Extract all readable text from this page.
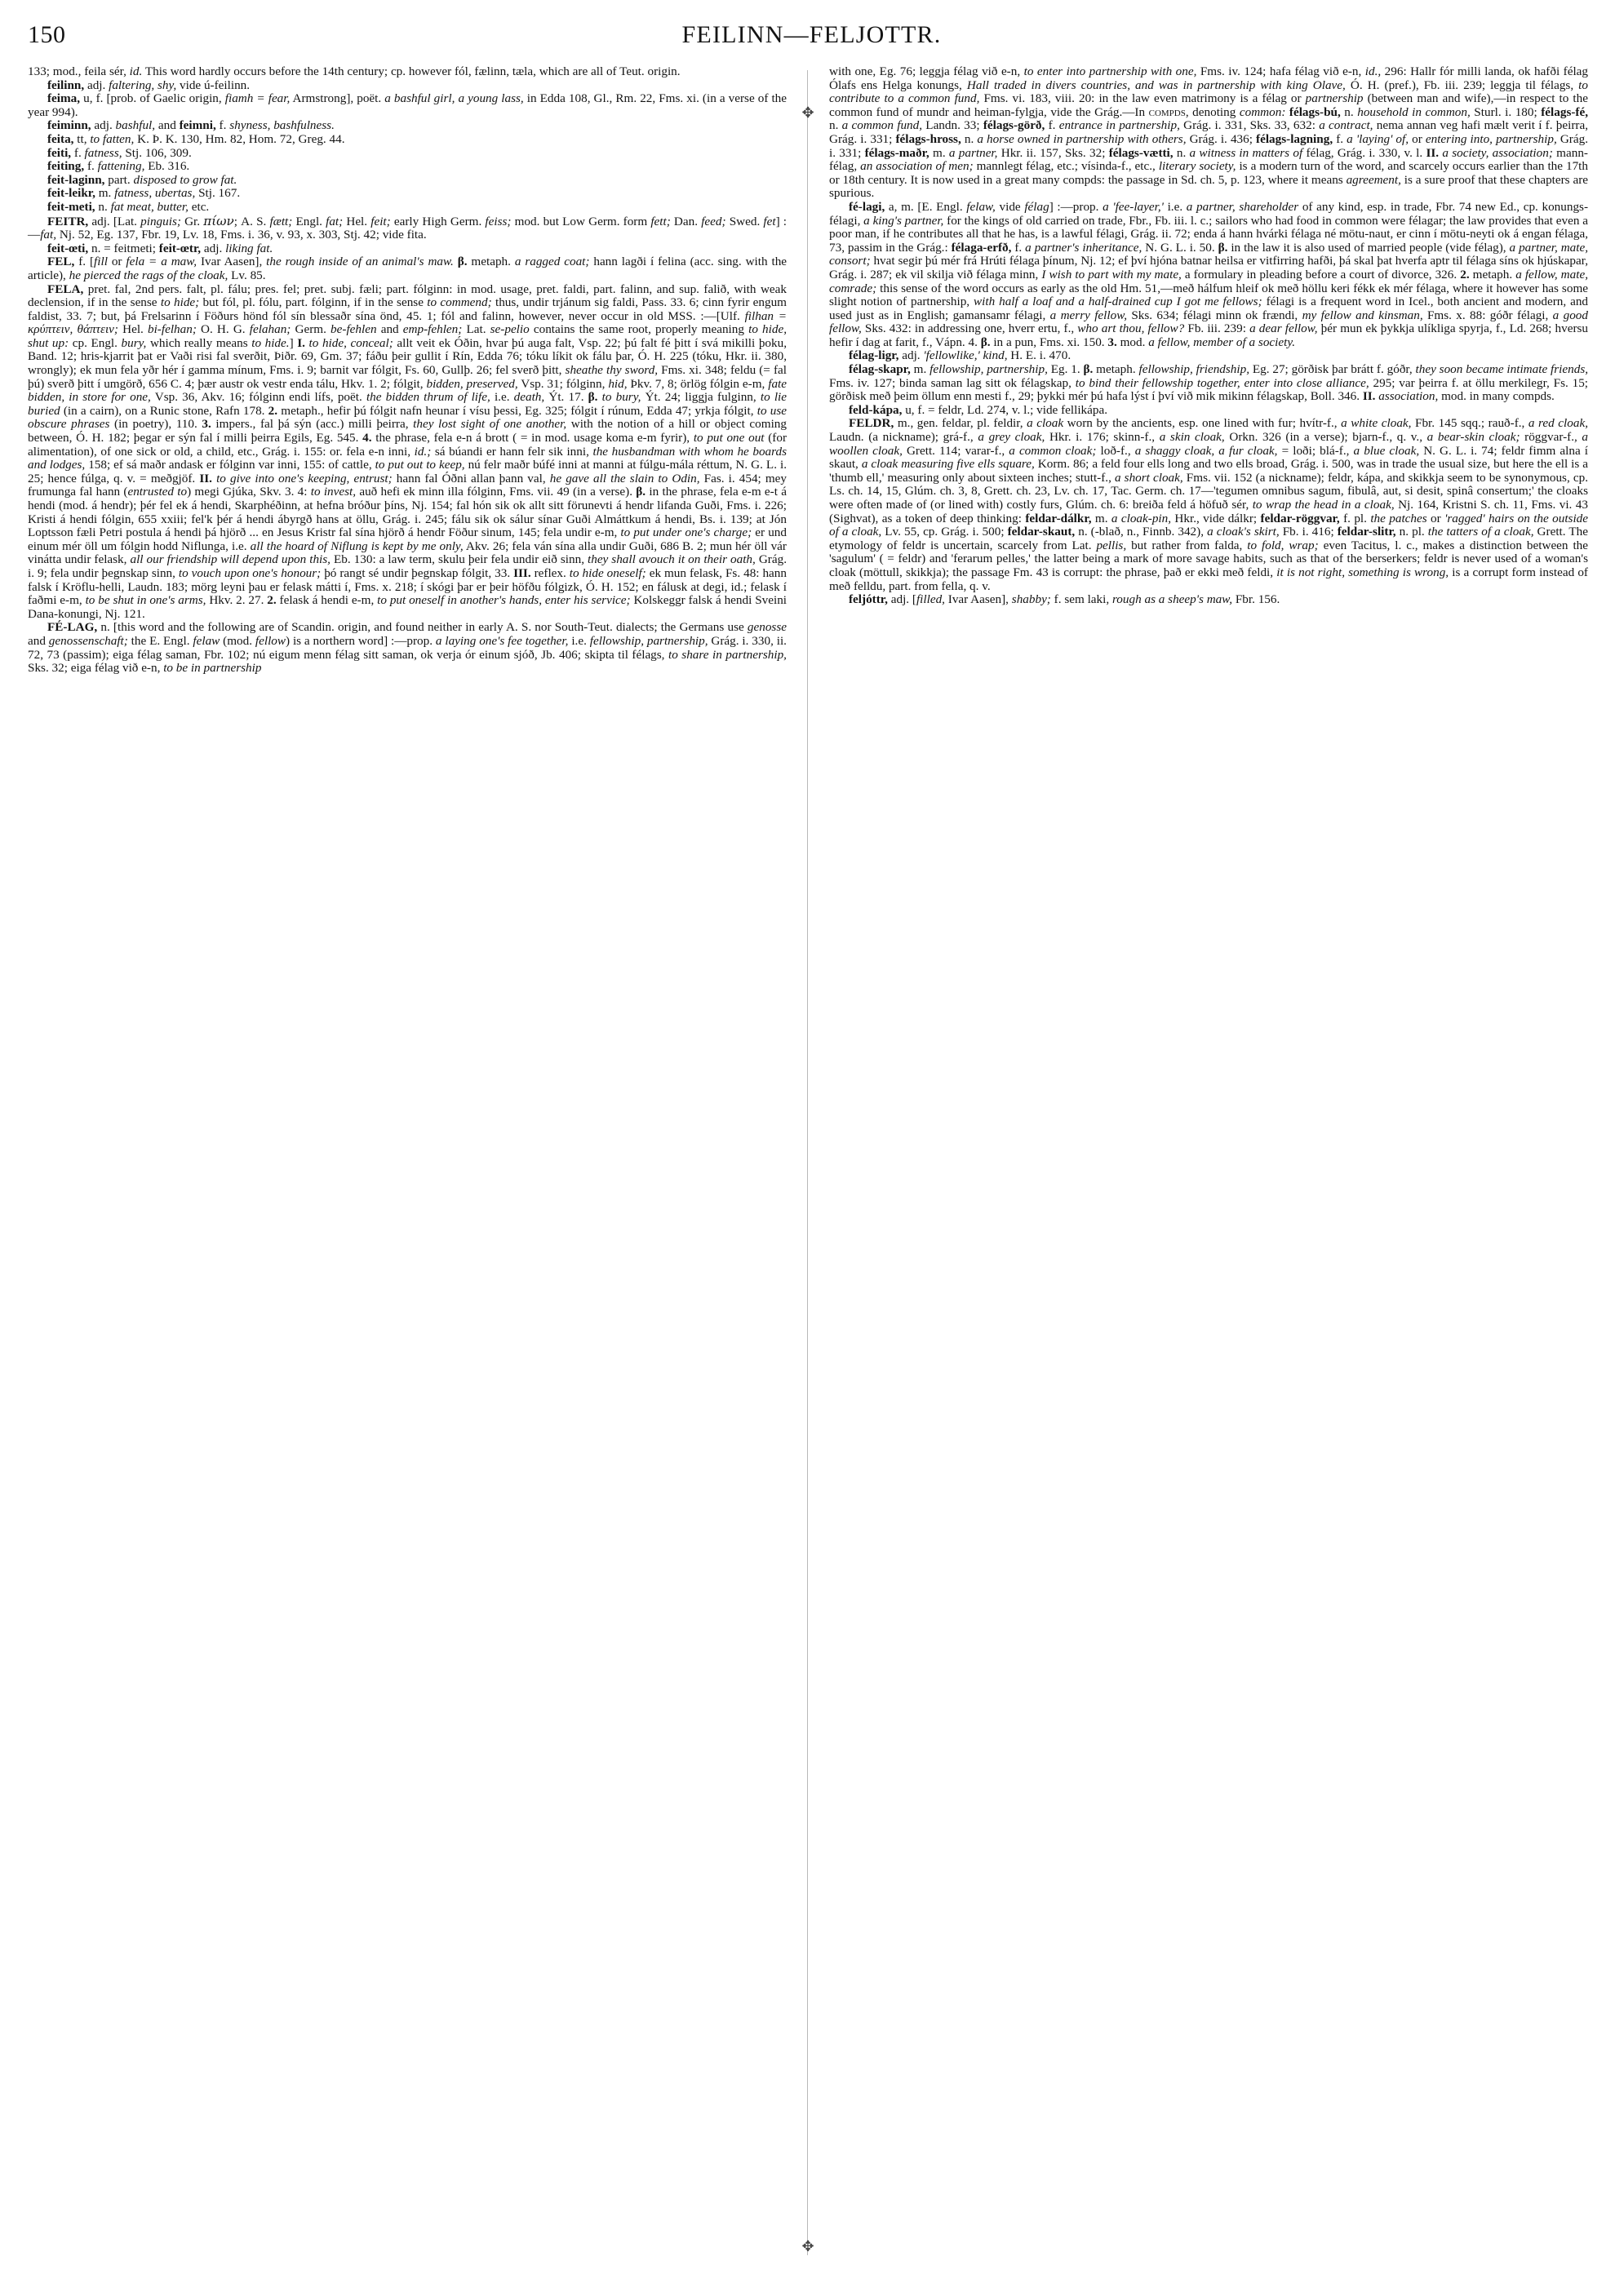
150	FEILINN—FELJOTTR.

133; mod., feila sér, id. This word hardly occurs before the 14th century; cp. however fól, fælinn, tæla, which are all of Teut. origin.

feilinn, adj. faltering, shy, vide ú-feilinn.

feima, u, f. [prob. of Gaelic origin, fiamh = fear, Armstrong], poët. a bashful girl, a young lass, in Edda 108, Gl., Rm. 22, Fms. xi. (in a verse of the year 994).

feiminn, adj. bashful, and feimni, f. shyness, bashfulness.

feita, tt, to fatten, K. Þ. K. 130, Hm. 82, Hom. 72, Greg. 44.

feiti, f. fatness, Stj. 106, 309.

feiting, f. fattening, Eb. 316.

feit-laginn, part. disposed to grow fat.

feit-leikr, m. fatness, ubertas, Stj. 167.

feit-meti, n. fat meat, butter, etc.

FEITR, adj. [Lat. pinguis; Gr. πίων; A. S. fætt; Engl. fat; Hel. feit; early High Germ. feiss; mod. but Low Germ. form fett; Dan. feed; Swed. fet] :—fat, Nj. 52, Eg. 137, Fbr. 19, Lv. 18, Fms. i. 36, v. 93, x. 303, Stj. 42; vide fita.

feit-œti, n. = feitmeti; feit-œtr, adj. liking fat.

FEL, f. [fill or fela = a maw, Ivar Aasen], the rough inside of an animal's maw. β. metaph. a ragged coat; hann lagði í felina (acc. sing. with the article), he pierced the rags of the cloak, Lv. 85.

FELA, pret. fal, 2nd pers. falt, pl. fálu; pres. fel; pret. subj. fæli; part. fólginn: in mod. usage, pret. faldi, part. falinn, and sup. falið, with weak declension, if in the sense to hide; but fól, pl. fólu, part. fólginn, if in the sense to commend; thus, undir trjánum sig faldi, Pass. 33. 6; cinn fyrir engum faldist, 33. 7; but, þá Frelsarinn í Föðurs hönd fól sín blessaðr sína önd, 45. 1; fól and falinn, however, never occur in old MSS. :—[Ulf. filhan = κρύπτειν, θάπτειν; Hel. bi-felhan; O. H. G. felahan; Germ. be-fehlen and emp-fehlen; Lat. se-pelio contains the same root, properly meaning to hide, shut up: cp. Engl. bury, which really means to hide.] I. to hide, conceal; allt veit ek Óðin, hvar þú auga falt, Vsp. 22; þú falt fé þitt í svá mikilli þoku, Band. 12; hris-kjarrit þat er Vaði risi fal sverðit, Þiðr. 69, Gm. 37; fáðu þeir gullit í Rín, Edda 76; tóku líkit ok fálu þar, Ó. H. 225 (tóku, Hkr. ii. 380, wrongly); ek mun fela yðr hér í gamma mínum, Fms. i. 9; barnit var fólgit, Fs. 60, Gullþ. 26; fel sverð þitt, sheathe thy sword, Fms. xi. 348; feldu (= fal þú) sverð þitt í umgörð, 656 C. 4; þær austr ok vestr enda tálu, Hkv. 1. 2; fólgit, bidden, preserved, Vsp. 31; fólginn, hid, Þkv. 7, 8; örlög fólgin e-m, fate bidden, in store for one, Vsp. 36, Akv. 16; fólginn endi lífs, poët. the bidden thrum of life, i.e. death, Ýt. 17. β. to bury, Ýt. 24; liggja fulginn, to lie buried (in a cairn), on a Runic stone, Rafn 178. 2. metaph., hefir þú fólgit nafn heunar í vísu þessi, Eg. 325; fólgit í rúnum, Edda 47; yrkja fólgit, to use obscure phrases (in poetry), 110. 3. impers., fal þá sýn (acc.) milli þeirra, they lost sight of one another, with the notion of a hill or object coming between, Ó. H. 182; þegar er sýn fal í milli þeirra Egils, Eg. 545. 4. the phrase, fela e-n á brott ( = in mod. usage koma e-m fyrir), to put one out (for alimentation), of one sick or old, a child, etc., Grág. i. 155: or. fela e-n inni, id.; sá búandi er hann felr sik inni, the husbandman with whom he boards and lodges, 158; ef sá maðr andask er fólginn var inni, 155: of cattle, to put out to keep, nú felr maðr búfé inni at manni at fúlgu-mála réttum, N. G. L. i. 25; hence fúlga, q. v. = meðgjöf. II. to give into one's keeping, entrust; hann fal Óðni allan þann val, he gave all the slain to Odin, Fas. i. 454; mey frumunga fal hann (entrusted to) megi Gjúka, Skv. 3. 4: to invest, auð hefi ek minn illa fólginn, Fms. vii. 49 (in a verse). β. in the phrase, fela e-m e-t á hendi (mod. á hendr); þér fel ek á hendi, Skarphéðinn, at hefna bróður þíns, Nj. 154; fal hón sik ok allt sitt förunevti á hendr lifanda Guði, Fms. i. 226; Kristi á hendi fólgin, 655 xxiii; fel'k þér á hendi ábyrgð hans at öllu, Grág. i. 245; fálu sik ok sálur sínar Guði Almáttkum á hendi, Bs. i. 139; at Jón Loptsson fæli Petri postula á hendi þá hjörð ... en Jesus Kristr fal sína hjörð á hendr Föður sinum, 145; fela undir e-m, to put under one's charge; er und einum mér öll um fólgin hodd Niflunga, i.e. all the hoard of Niflung is kept by me only, Akv. 26; fela ván sína alla undir Guði, 686 B. 2; mun hér öll vár vinátta undir felask, all our friendship will depend upon this, Eb. 130: a law term, skulu þeir fela undir eið sinn, they shall avouch it on their oath, Grág. i. 9; fela undir þegnskap sinn, to vouch upon one's honour; þó rangt sé undir þegnskap fólgit, 33. III. reflex. to hide oneself; ek mun felask, Fs. 48: hann falsk í Kröflu-helli, Laudn. 183; mörg leyni þau er felask mátti í, Fms. x. 218; í skógi þar er þeir höfðu fólgizk, Ó. H. 152; en fálusk at degi, id.; felask í faðmi e-m, to be shut in one's arms, Hkv. 2. 27. 2. felask á hendi e-m, to put oneself in another's hands, enter his service; Kolskeggr falsk á hendi Sveini Dana-konungi, Nj. 121.

FÉ-LAG, n. [this word and the following are of Scandin. origin, and found neither in early A. S. nor South-Teut. dialects; the Germans use genosse and genossenschaft; the E. Engl. felaw (mod. fellow) is a northern word] :—prop. a laying one's fee together, i.e. fellowship, partnership, Grág. i. 330, ii. 72, 73 (passim); eiga félag saman, Fbr. 102; nú eigum menn félag sitt saman, ok verja ór einum sjóð, Jb. 406; skipta til félags, to share in partnership, Sks. 32; eiga félag við e-n, to be in partnership

✥
✥

with one, Eg. 76; leggja félag við e-n, to enter into partnership with one, Fms. iv. 124; hafa félag við e-n, id., 296: Hallr fór milli landa, ok hafði félag Ólafs ens Helga konungs, Hall traded in divers countries, and was in partnership with king Olave, Ó. H. (pref.), Fb. iii. 239; leggja til félags, to contribute to a common fund, Fms. vi. 183, viii. 20: in the law even matrimony is a félag or partnership (between man and wife),—in respect to the common fund of mundr and heiman-fylgja, vide the Grág.—In compds, denoting common: félags-bú, n. household in common, Sturl. i. 180; félags-fé, n. a common fund, Landn. 33; félags-görð, f. entrance in partnership, Grág. i. 331, Sks. 33, 632: a contract, nema annan veg hafi mælt verit í f. þeirra, Grág. i. 331; félags-hross, n. a horse owned in partnership with others, Grág. i. 436; félags-lagning, f. a 'laying' of, or entering into, partnership, Grág. i. 331; félags-maðr, m. a partner, Hkr. ii. 157, Sks. 32; félags-vætti, n. a witness in matters of félag, Grág. i. 330, v. l. II. a society, association; mann-félag, an association of men; mannlegt félag, etc.; vísinda-f., etc., literary society, is a modern turn of the word, and scarcely occurs earlier than the 17th or 18th century. It is now used in a great many compds: the passage in Sd. ch. 5, p. 123, where it means agreement, is a sure proof that these chapters are spurious.

fé-lagi, a, m. [E. Engl. felaw, vide félag] :—prop. a 'fee-layer,' i.e. a partner, shareholder of any kind, esp. in trade, Fbr. 74 new Ed., cp. konungs-félagi, a king's partner, for the kings of old carried on trade, Fbr., Fb. iii. l. c.; sailors who had food in common were félagar; the law provides that even a poor man, if he contributes all that he has, is a lawful félagi, Grág. ii. 72; enda á hann hvárki félaga né mötu-naut, er cinn í mötu-neyti ok á engan félaga, 73, passim in the Grág.: félaga-erfð, f. a partner's inheritance, N. G. L. i. 50. β. in the law it is also used of married people (vide félag), a partner, mate, consort; hvat segir þú mér frá Hrúti félaga þínum, Nj. 12; ef því hjóna batnar heilsa er vitfirring hafði, þá skal þat hverfa aptr til félaga síns ok hjúskapar, Grág. i. 287; ek vil skilja við félaga minn, I wish to part with my mate, a formulary in pleading before a court of divorce, 326. 2. metaph. a fellow, mate, comrade; this sense of the word occurs as early as the old Hm. 51,—með hálfum hleif ok með höllu keri fékk ek mér félaga, where it however has some slight notion of partnership, with half a loaf and a half-drained cup I got me fellows; félagi is a frequent word in Icel., both ancient and modern, and used just as in English; gamansamr félagi, a merry fellow, Sks. 634; félagi minn ok frændi, my fellow and kinsman, Fms. x. 88: góðr félagi, a good fellow, Sks. 432: in addressing one, hverr ertu, f., who art thou, fellow? Fb. iii. 239: a dear fellow, þér mun ek þykkja ulíkliga spyrja, f., Ld. 268; hversu hefir í dag at farit, f., Vápn. 4. β. in a pun, Fms. xi. 150. 3. mod. a fellow, member of a society.

félag-ligr, adj. 'fellowlike,' kind, H. E. i. 470.

félag-skapr, m. fellowship, partnership, Eg. 1. β. metaph. fellowship, friendship, Eg. 27; görðisk þar brátt f. góðr, they soon became intimate friends, Fms. iv. 127; binda saman lag sitt ok félagskap, to bind their fellowship together, enter into close alliance, 295; var þeirra f. at öllu merkilegr, Fs. 15; görðisk með þeim öllum enn mesti f., 29; þykki mér þú hafa lýst í því við mik mikinn félagskap, Boll. 346. II. association, mod. in many compds.

feld-kápa, u, f. = feldr, Ld. 274, v. l.; vide fellikápa.

FELDR, m., gen. feldar, pl. feldir, a cloak worn by the ancients, esp. one lined with fur; hvítr-f., a white cloak, Fbr. 145 sqq.; rauð-f., a red cloak, Laudn. (a nickname); grá-f., a grey cloak, Hkr. i. 176; skinn-f., a skin cloak, Orkn. 326 (in a verse); bjarn-f., q. v., a bear-skin cloak; röggvar-f., a woollen cloak, Grett. 114; varar-f., a common cloak; loð-f., a shaggy cloak, a fur cloak, = loði; blá-f., a blue cloak, N. G. L. i. 74; feldr fimm alna í skaut, a cloak measuring five ells square, Korm. 86; a feld four ells long and two ells broad, Grág. i. 500, was in trade the usual size, but here the ell is a 'thumb ell,' measuring only about sixteen inches; stutt-f., a short cloak, Fms. vii. 152 (a nickname); feldr, kápa, and skikkja seem to be synonymous, cp. Ls. ch. 14, 15, Glúm. ch. 3, 8, Grett. ch. 23, Lv. ch. 17, Tac. Germ. ch. 17—'tegumen omnibus sagum, fibulâ, aut, si desit, spinâ consertum;' the cloaks were often made of (or lined with) costly furs, Glúm. ch. 6: breiða feld á höfuð sér, to wrap the head in a cloak, Nj. 164, Kristni S. ch. 11, Fms. vi. 43 (Sighvat), as a token of deep thinking: feldar-dálkr, m. a cloak-pin, Hkr., vide dálkr; feldar-röggvar, f. pl. the patches or 'ragged' hairs on the outside of a cloak, Lv. 55, cp. Grág. i. 500; feldar-skaut, n. (-blað, n., Finnb. 342), a cloak's skirt, Fb. i. 416; feldar-slitr, n. pl. the tatters of a cloak, Grett. The etymology of feldr is uncertain, scarcely from Lat. pellis, but rather from falda, to fold, wrap; even Tacitus, l. c., makes a distinction between the 'sagulum' ( = feldr) and 'ferarum pelles,' the latter being a mark of more savage habits, such as that of the berserkers; feldr is never used of a woman's cloak (möttull, skikkja); the passage Fm. 43 is corrupt: the phrase, það er ekki með feldi, it is not right, something is wrong, is a corrupt form instead of með felldu, part. from fella, q. v.

feljóttr, adj. [filled, Ivar Aasen], shabby; f. sem laki, rough as a sheep's maw, Fbr. 156.
